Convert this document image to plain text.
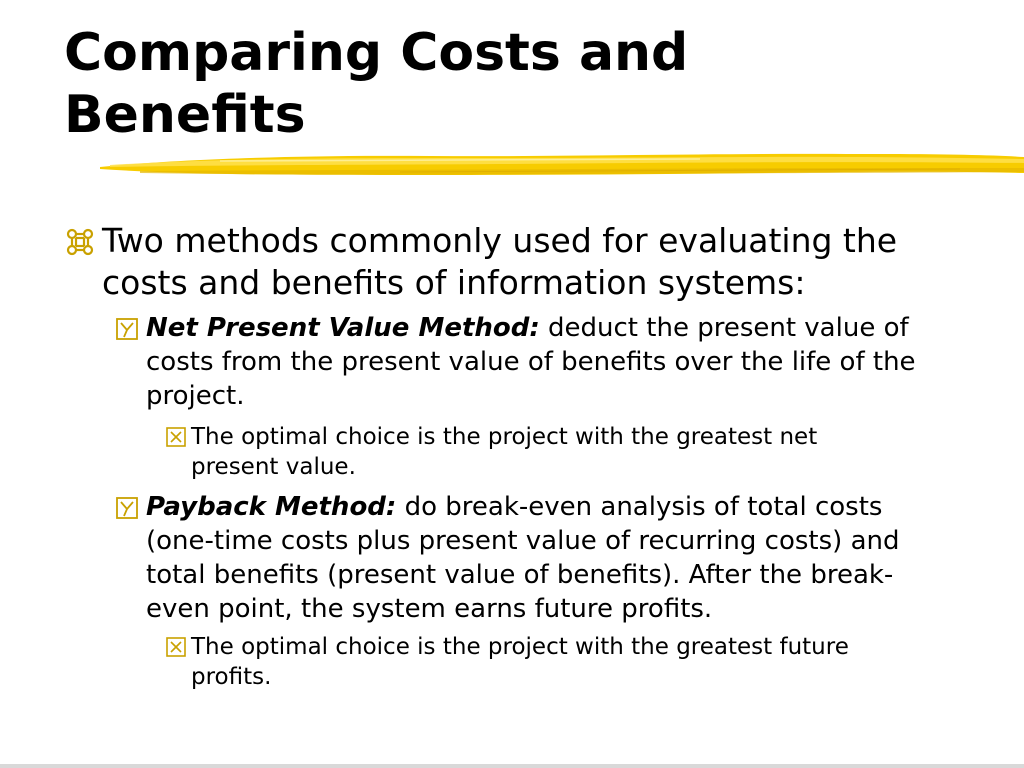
Comparing Costs and
Benefits
Two methods commonly used for evaluating the
costs and benefits of information systems:
Net Present Value Method: deduct the present value of
costs from the present value of benefits over the life of the
project.
The optimal choice is the project with the greatest net
present value.
Payback Method: do break-even analysis of total costs
(one-time costs plus present value of recurring costs) and
total benefits (present value of benefits). After the break-
even point, the system earns future profits.
The optimal choice is the project with the greatest future
profits.
